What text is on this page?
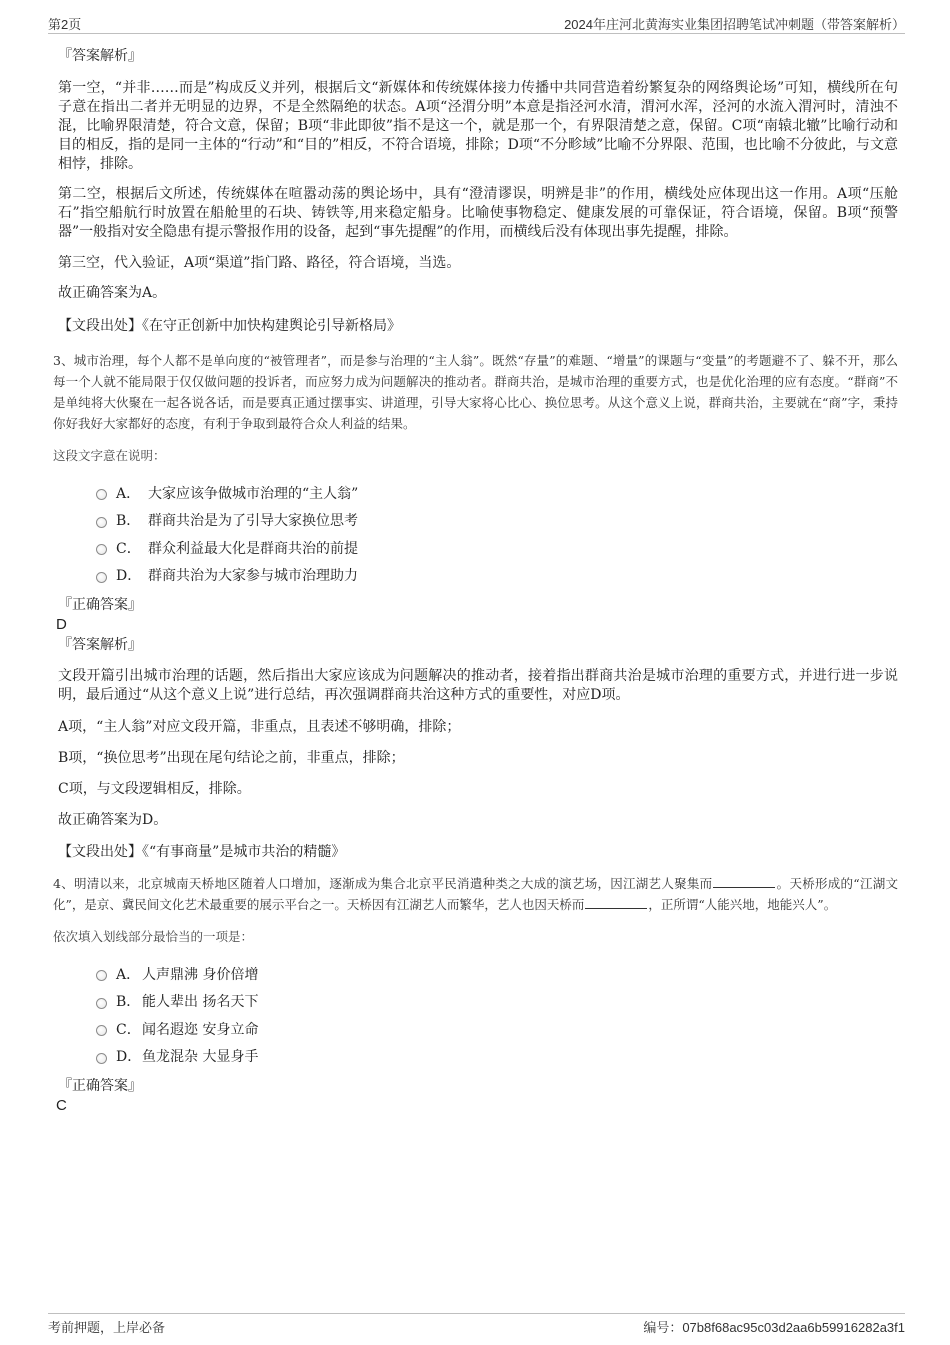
第2页	2024年庄河北黄海实业集团招聘笔试冲刺题（带答案解析）
『答案解析』
第一空，“并非……而是”构成反义并列，根据后文“新媒体和传统媒体接力传播中共同营造着纷繁复杂的网络舆论场”可知，横线所在句子意在指出二者并无明显的边界，不是全然隔绝的状态。A项“泾渭分明”本意是指泾河水清，渭河水浑，泾河的水流入渭河时，清浊不混，比喻界限清楚，符合文意，保留；B项“非此即彼”指不是这一个，就是那一个，有界限清楚之意，保留。C项“南辕北辙”比喻行动和目的相反，指的是同一主体的“行动”和“目的”相反，不符合语境，排除；D项“不分畛域”比喻不分界限、范围，也比喻不分彼此，与文意相悖，排除。
第二空，根据后文所述，传统媒体在喧嚣动荡的舆论场中，具有“澄清谬误，明辨是非”的作用，横线处应体现出这一作用。A项“压舱石”指空船航行时放置在船舱里的石块、铸铁等,用来稳定船身。比喻使事物稳定、健康发展的可靠保证，符合语境，保留。B项“预警器”一般指对安全隐患有提示警报作用的设备，起到“事先提醒”的作用，而横线后没有体现出事先提醒，排除。
第三空，代入验证，A项“渠道”指门路、路径，符合语境，当选。
故正确答案为A。
【文段出处】《在守正创新中加快构建舆论引导新格局》
3、城市治理，每个人都不是单向度的“被管理者”，而是参与治理的“主人翁”。既然“存量”的难题、“增量”的课题与“变量”的考题避不了、躲不开，那么每一个人就不能局限于仅仅做问题的投诉者，而应努力成为问题解决的推动者。群商共治，是城市治理的重要方式，也是优化治理的应有态度。“群商”不是单纯将大伙聚在一起各说各话，而是要真正通过摆事实、讲道理，引导大家将心比心、换位思考。从这个意义上说，群商共治，主要就在“商”字，秉持你好我好大家都好的态度，有利于争取到最符合众人利益的结果。
这段文字意在说明：
A． 大家应该争做城市治理的“主人翁”
B． 群商共治是为了引导大家换位思考
C． 群众利益最大化是群商共治的前提
D． 群商共治为大家参与城市治理助力
『正确答案』
D
『答案解析』
文段开篇引出城市治理的话题，然后指出大家应该成为问题解决的推动者，接着指出群商共治是城市治理的重要方式，并进行进一步说明，最后通过“从这个意义上说”进行总结，再次强调群商共治这种方式的重要性，对应D项。
A项，“主人翁”对应文段开篇，非重点，且表述不够明确，排除；
B项，“换位思考”出现在尾句结论之前，非重点，排除；
C项，与文段逻辑相反，排除。
故正确答案为D。
【文段出处】《“有事商量”是城市共治的精髓》
4、明清以来，北京城南天桥地区随着人口增加，逐渐成为集合北京平民消遣种类之大成的演艺场，因江湖艺人聚集而	。天桥形成的“江湖文化”，是京、冀民间文化艺术最重要的展示平台之一。天桥因有江湖艺人而繁华，艺人也因天桥而	，正所谓“人能兴地，地能兴人”。
依次填入划线部分最恰当的一项是：
A． 人声鼎沸 身价倍增
B． 能人辈出 扬名天下
C． 闻名遐迩 安身立命
D． 鱼龙混杂 大显身手
『正确答案』
C
考前押题，上岸必备	编号：07b8f68ac95c03d2aa6b59916282a3f1
